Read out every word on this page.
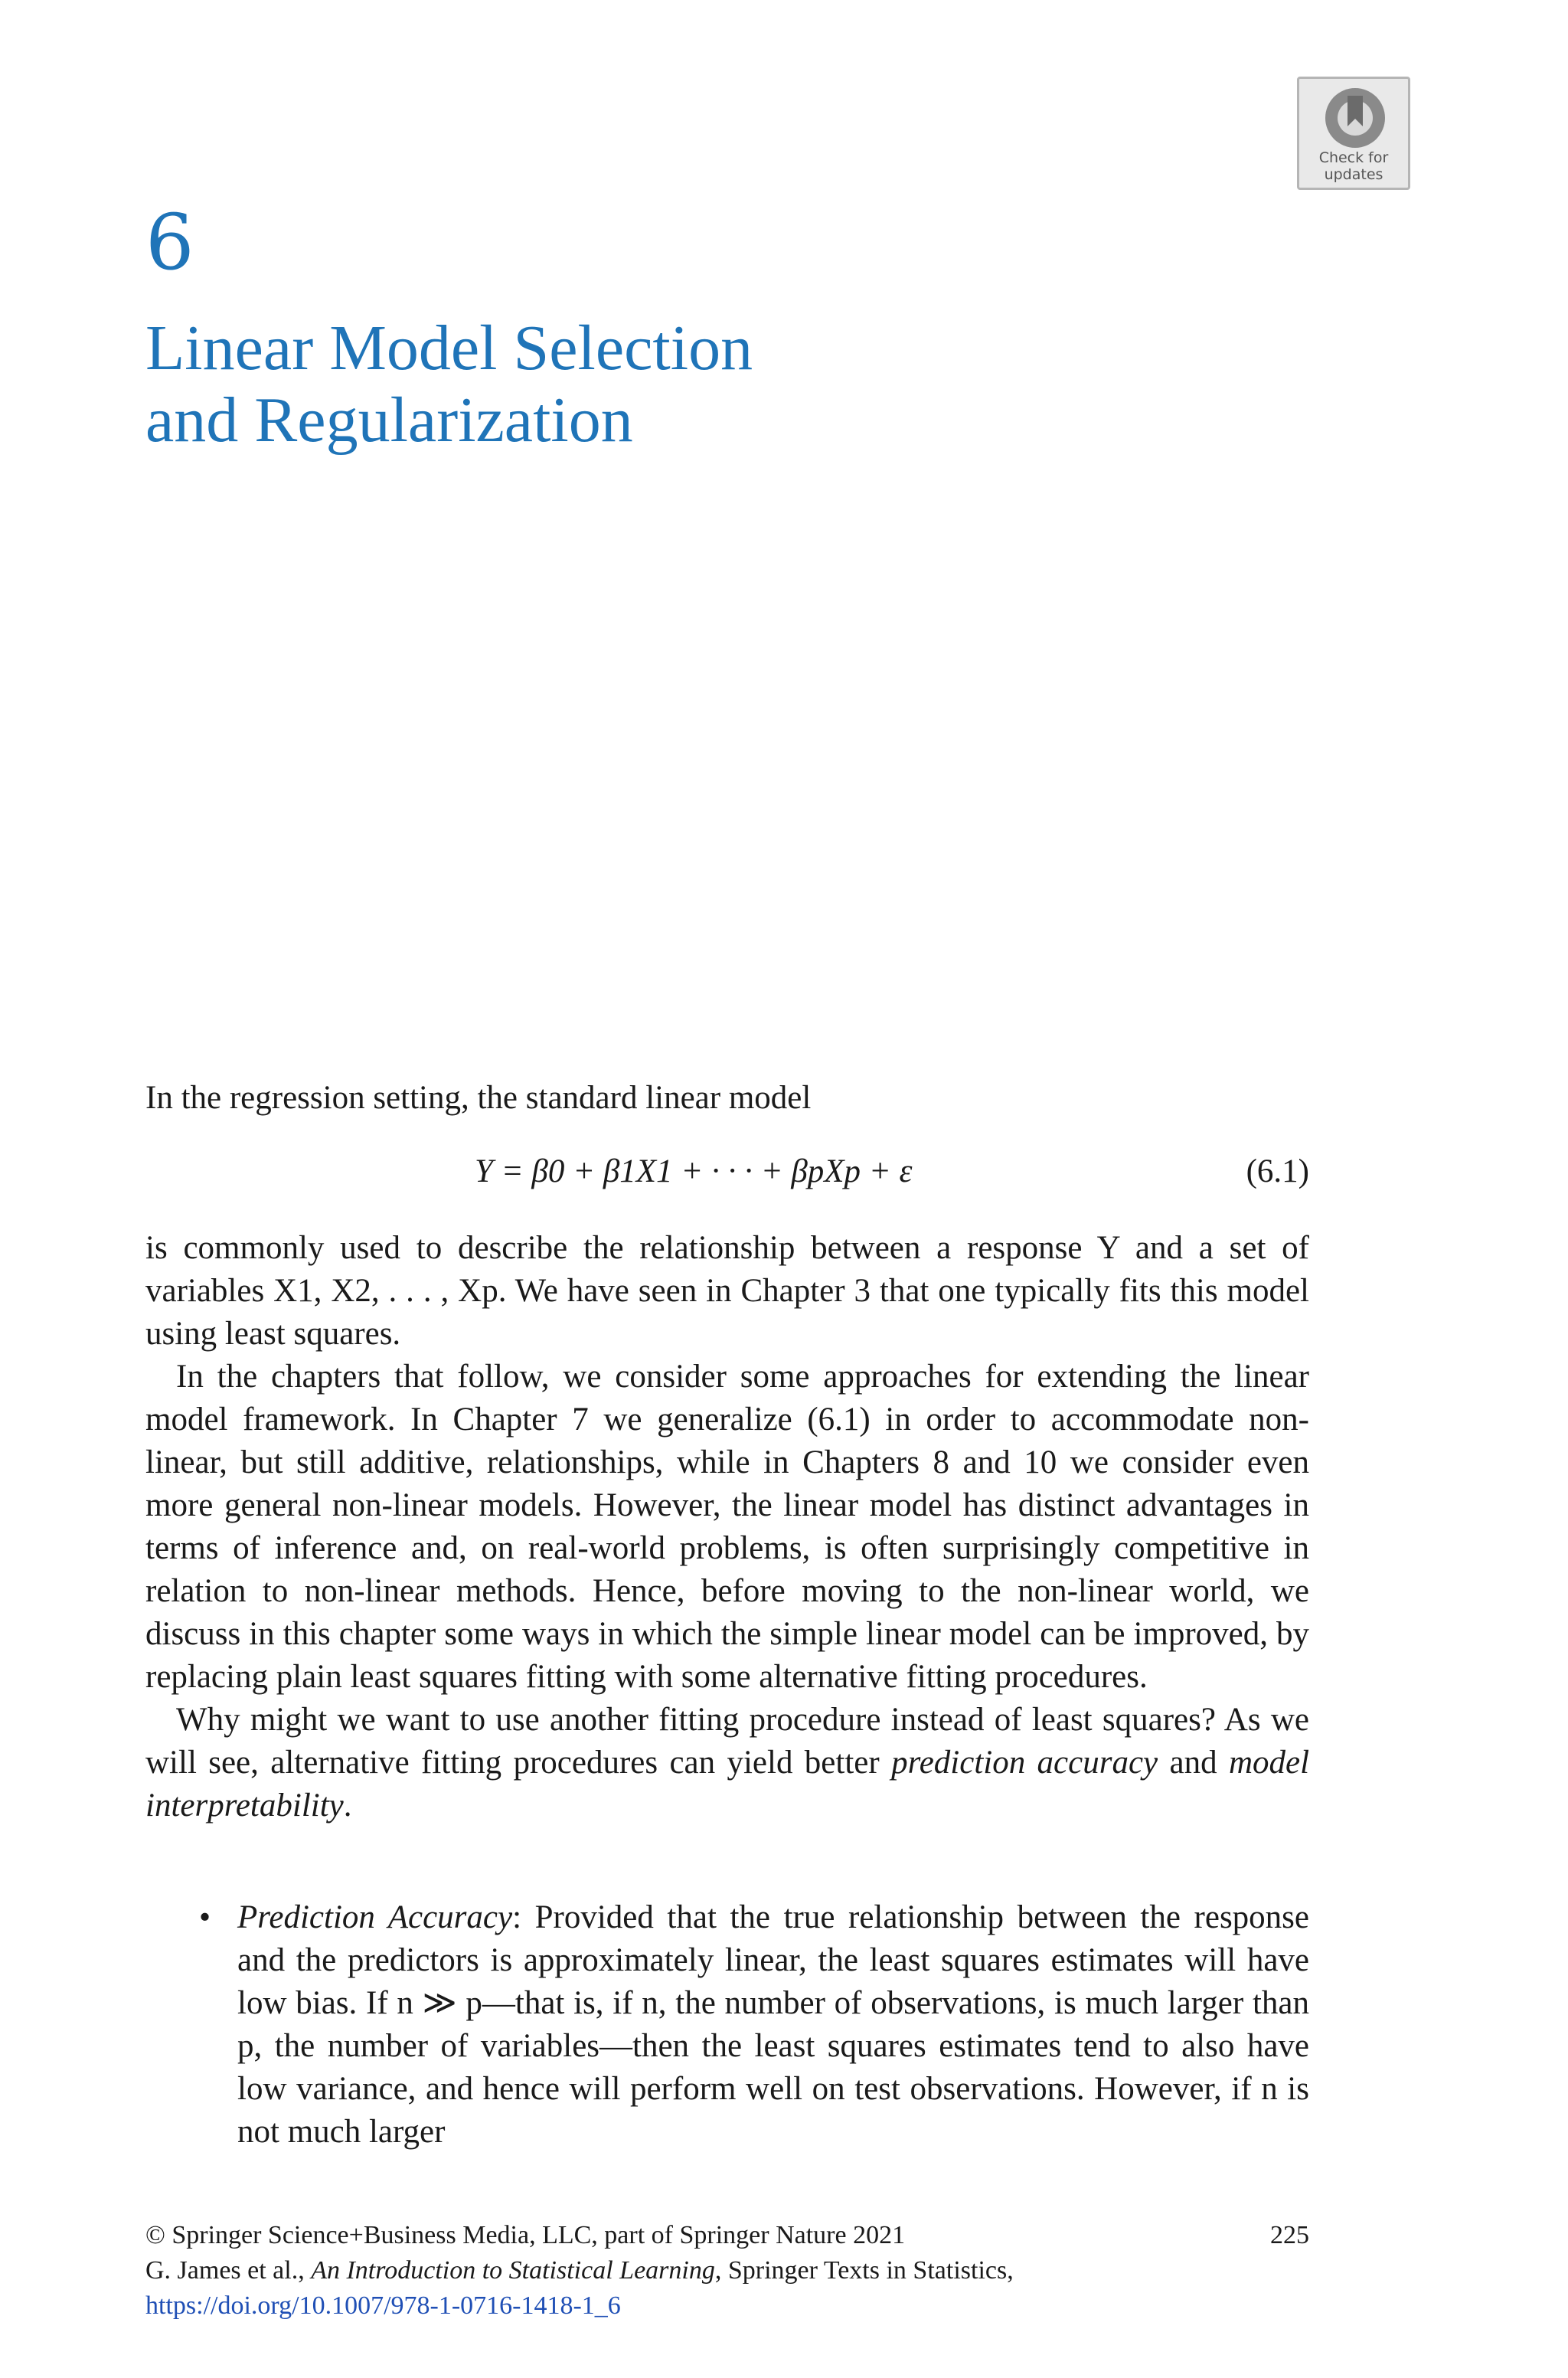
Check for
updates
6
Linear Model Selection
and Regularization
In the regression setting, the standard linear model
Y = β0 + β1X1 + · · · + βpXp + ε	(6.1)

is commonly used to describe the relationship between a response Y and a set of variables X1, X2, . . . , Xp. We have seen in Chapter 3 that one typically fits this model using least squares.

In the chapters that follow, we consider some approaches for extending the linear model framework. In Chapter 7 we generalize (6.1) in order to accommodate non-linear, but still additive, relationships, while in Chapters 8 and 10 we consider even more general non-linear models. However, the linear model has distinct advantages in terms of inference and, on real-world problems, is often surprisingly competitive in relation to non-linear methods. Hence, before moving to the non-linear world, we discuss in this chapter some ways in which the simple linear model can be improved, by replacing plain least squares fitting with some alternative fitting procedures.

Why might we want to use another fitting procedure instead of least squares? As we will see, alternative fitting procedures can yield better prediction accuracy and model interpretability.

• Prediction Accuracy: Provided that the true relationship between the response and the predictors is approximately linear, the least squares estimates will have low bias. If n ≫ p—that is, if n, the number of observations, is much larger than p, the number of variables—then the least squares estimates tend to also have low variance, and hence will perform well on test observations. However, if n is not much larger
© Springer Science+Business Media, LLC, part of Springer Nature 2021	225
G. James et al., An Introduction to Statistical Learning, Springer Texts in Statistics,
https://doi.org/10.1007/978-1-0716-1418-1_6
